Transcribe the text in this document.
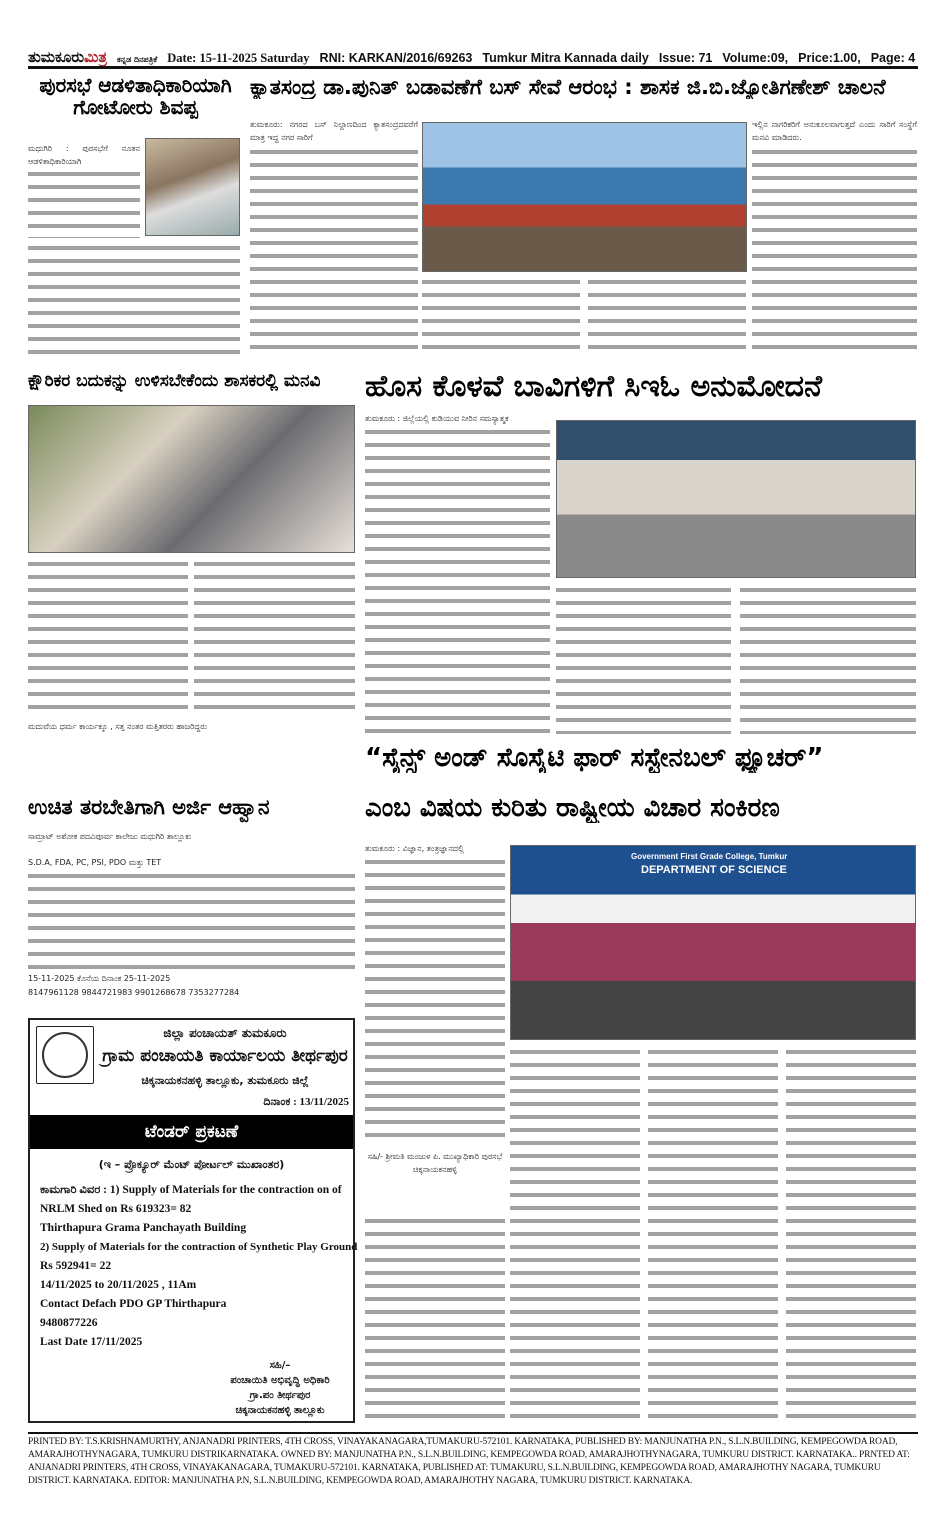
ತುಮಕೂರುಮಿತ್ರ ಕನ್ನಡ ದಿನಪತ್ರಿಕೆ Date: 15-11-2025 Saturday RNI: KARKAN/2016/69263 Tumkur Mitra Kannada daily Issue: 71 Volume:09, Price:1.00, Page: 4
ಪುರಸಭೆ ಆಡಳಿತಾಧಿಕಾರಿಯಾಗಿ ಗೋಟೋರು ಶಿವಪ್ಪ
ಮಧುಗಿರಿ : ಪುರಸಭೆಗೆ ನೂತನ ಆಡಳಿತಾಧಿಕಾರಿಯಾಗಿ
ಕ್ಯಾತಸಂದ್ರ ಡಾ.ಪುನಿತ್ ಬಡಾವಣೆಗೆ ಬಸ್ ಸೇವೆ ಆರಂಭ : ಶಾಸಕ ಜಿ.ಬಿ.ಜ್ಯೋತಿಗಣೇಶ್ ಚಾಲನೆ
ತುಮಕೂರು: ನಗರದ ಬಸ್ ನಿಲ್ದಾಣದಿಂದ ಕ್ಯಾತಸಂದ್ರದವರೆಗೆ ಮಾತ್ರ ಇದ್ದ ನಗರ ಸಾರಿಗೆ
ಇಲ್ಲಿನ ನಾಗರಿಕರಿಗೆ ಅನುಕೂಲವಾಗುತ್ತದೆ ಎಂದು ಸಾರಿಗೆ ಸಂಸ್ಥೆಗೆ ಮನವಿ ಮಾಡಿದರು.
ಕ್ಷೌರಿಕರ ಬದುಕನ್ನು ಉಳಿಸಬೇಕೆಂದು ಶಾಸಕರಲ್ಲಿ ಮನವಿ
ಮದುವೆಯ ಧರ್ಮ ಕಾರ್ಯಕ್ಕೂ , ಸತ್ತ ನಂತರ ಮತ್ತಿತರರು ಹಾಜರಿದ್ದರು
ಹೊಸ ಕೊಳವೆ ಬಾವಿಗಳಿಗೆ ಸಿಇಓ ಅನುಮೋದನೆ
ತುಮಕೂರು : ಜಿಲ್ಲೆಯಲ್ಲಿ ಕುಡಿಯುವ ನೀರಿನ ಸಮಸ್ಯಾತ್ಮಕ
“ಸೈನ್ಸ್ ಅಂಡ್ ಸೊಸೈಟಿ ಫಾರ್ ಸಸ್ಟೇನಬಲ್ ಫ್ಯೂಚರ್”
ಎಂಬ ವಿಷಯ ಕುರಿತು ರಾಷ್ಟ್ರೀಯ ವಿಚಾರ ಸಂಕಿರಣ
ತುಮಕೂರು : ವಿಜ್ಞಾನ, ತಂತ್ರಜ್ಞಾನದಲ್ಲಿ
ಸಹಿ/- ಶ್ರೀಮತಿ ಮಂಜುಳ ಪಿ. ಮುಖ್ಯಾಧಿಕಾರಿ ಪುರಸಭೆ ಚಿಕ್ಕನಾಯಕನಹಳ್ಳಿ
Government First Grade College, Tumkur
DEPARTMENT OF SCIENCE
ಉಚಿತ ತರಬೇತಿಗಾಗಿ ಅರ್ಜಿ ಆಹ್ವಾನ
ಸಾಮ್ರಾಟ್ ಅಶೋಕ ಪದವಿಪೂರ್ವ ಕಾಲೇಜು ಮಧುಗಿರಿ ತಾಲ್ಲೂಕು
S.D.A, FDA, PC, PSI, PDO ಮತ್ತು TET
15-11-2025 ಕೊನೆಯ ದಿನಾಂಕ 25-11-2025
8147961128 9844721983 9901268678 7353277284
ಜಿಲ್ಲಾ ಪಂಚಾಯತ್ ತುಮಕೂರು
ಗ್ರಾಮ ಪಂಚಾಯತಿ ಕಾರ್ಯಾಲಯ ತೀರ್ಥಪುರ
ಚಿಕ್ಕನಾಯಕನಹಳ್ಳಿ ತಾಲ್ಲೂಕು, ತುಮಕೂರು ಜಿಲ್ಲೆ
ದಿನಾಂಕ : 13/11/2025
ಟೆಂಡರ್ ಪ್ರಕಟಣೆ
(ಇ – ಪ್ರೊಕ್ಯೂರ್ ಮೆಂಟ್ ಪೋರ್ಟಲ್ ಮುಖಾಂತರ)
ಕಾಮಗಾರಿ ವಿವರ : 1) Supply of Materials for the contraction on of
NRLM Shed on Rs 619323= 82
Thirthapura Grama Panchayath Building
2) Supply of Materials for the contraction of Synthetic Play Ground
Rs 592941= 22
14/11/2025 to 20/11/2025 , 11Am
Contact Defach PDO GP Thirthapura
9480877226
Last Date 17/11/2025
ಸಹಿ/–
ಪಂಚಾಯಿತಿ ಅಭಿವೃದ್ಧಿ ಅಧಿಕಾರಿ
ಗ್ರಾ.ಪಂ ತೀರ್ಥಪುರ
ಚಿಕ್ಕನಾಯಕನಹಳ್ಳಿ ತಾಲ್ಲೂಕು
PRINTED BY: T.S.KRISHNAMURTHY, ANJANADRI PRINTERS, 4TH CROSS, VINAYAKANAGARA,TUMAKURU-572101. KARNATAKA, PUBLISHED BY: MANJUNATHA P.N., S.L.N.BUILDING, KEMPEGOWDA ROAD, AMARAJHOTHYNAGARA, TUMKURU DISTRIKARNATAKA. OWNED BY: MANJUNATHA P.N., S.L.N.BUILDING, KEMPEGOWDA ROAD, AMARAJHOTHYNAGARA, TUMKURU DISTRICT. KARNATAKA.. PRNTED AT: ANJANADRI PRINTERS, 4TH CROSS, VINAYAKANAGARA, TUMAKURU-572101. KARNATAKA, PUBLISHED AT: TUMAKURU, S.L.N.BUILDING, KEMPEGOWDA ROAD, AMARAJHOTHY NAGARA, TUMKURU DISTRICT. KARNATAKA. EDITOR: MANJUNATHA P.N, S.L.N.BUILDING, KEMPEGOWDA ROAD, AMARAJHOTHY NAGARA, TUMKURU DISTRICT. KARNATAKA.
